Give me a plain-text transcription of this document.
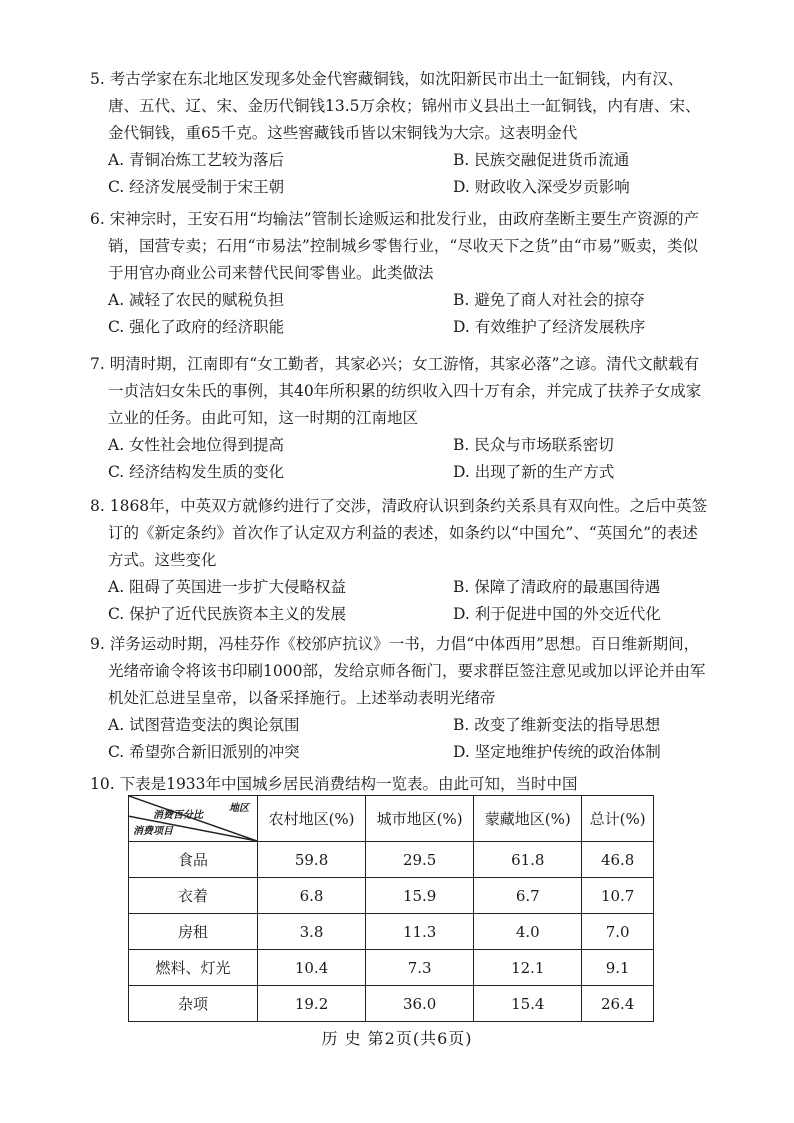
5. 考古学家在东北地区发现多处金代窖藏铜钱，如沈阳新民市出土一缸铜钱，内有汉、唐、五代、辽、宋、金历代铜钱13.5万余枚；锦州市义县出土一缸铜钱，内有唐、宋、金代铜钱，重65千克。这些窖藏钱币皆以宋铜钱为大宗。这表明金代
A. 青铜冶炼工艺较为落后	B. 民族交融促进货币流通
C. 经济发展受制于宋王朝	D. 财政收入深受岁贡影响
6. 宋神宗时，王安石用“均输法”管制长途贩运和批发行业，由政府垄断主要生产资源的产销，国营专卖；石用“市易法”控制城乡零售行业，“尽收天下之货”由“市易”贩卖，类似于用官办商业公司来替代民间零售业。此类做法
A. 减轻了农民的赋税负担	B. 避免了商人对社会的掠夺
C. 强化了政府的经济职能	D. 有效维护了经济发展秩序
7. 明清时期，江南即有“女工勤者，其家必兴；女工游惰，其家必落”之谚。清代文献载有一贞洁妇女朱氏的事例，其40年所积累的纺织收入四十万有余，并完成了扶养子女成家立业的任务。由此可知，这一时期的江南地区
A. 女性社会地位得到提高	B. 民众与市场联系密切
C. 经济结构发生质的变化	D. 出现了新的生产方式
8. 1868年，中英双方就修约进行了交涉，清政府认识到条约关系具有双向性。之后中英签订的《新定条约》首次作了认定双方利益的表述，如条约以“中国允”、“英国允”的表述方式。这些变化
A. 阻碍了英国进一步扩大侵略权益	B. 保障了清政府的最惠国待遇
C. 保护了近代民族资本主义的发展	D. 利于促进中国的外交近代化
9. 洋务运动时期，冯桂芬作《校邠庐抗议》一书，力倡“中体西用”思想。百日维新期间，光绪帝谕令将该书印刷1000部，发给京师各衙门，要求群臣签注意见或加以评论并由军机处汇总进呈皇帝，以备采择施行。上述举动表明光绪帝
A. 试图营造变法的舆论氛围	B. 改变了维新变法的指导思想
C. 希望弥合新旧派别的冲突	D. 坚定地维护传统的政治体制
10. 下表是1933年中国城乡居民消费结构一览表。由此可知，当时中国
地区
消费百分比
消费项目	农村地区(%)	城市地区(%)	蒙藏地区(%)	总计(%)
食品	59.8	29.5	61.8	46.8
衣着	6.8	15.9	6.7	10.7
房租	3.8	11.3	4.0	7.0
燃料、灯光	10.4	7.3	12.1	9.1
杂项	19.2	36.0	15.4	26.4
历 史 第2页(共6页)
